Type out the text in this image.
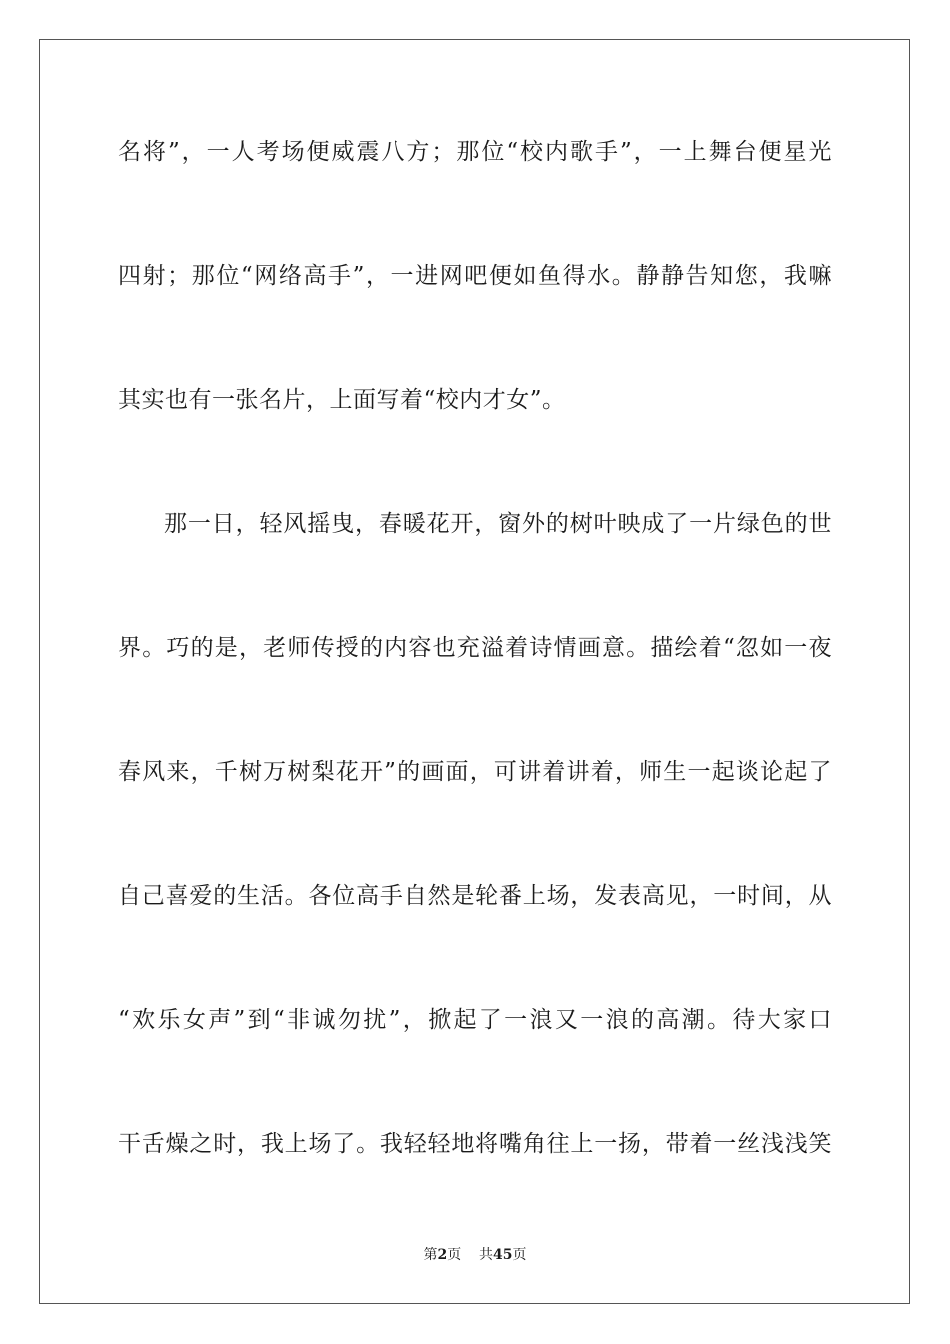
名将”，一人考场便威震八方；那位“校内歌手”，一上舞台便星光
四射；那位“网络高手”，一进网吧便如鱼得水。静静告知您，我嘛
其实也有一张名片，上面写着“校内才女”。
那一日，轻风摇曳，春暖花开，窗外的树叶映成了一片绿色的世
界。巧的是，老师传授的内容也充溢着诗情画意。描绘着“忽如一夜
春风来，千树万树梨花开”的画面，可讲着讲着，师生一起谈论起了
自己喜爱的生活。各位高手自然是轮番上场，发表高见，一时间，从
“欢乐女声”到“非诚勿扰”，掀起了一浪又一浪的高潮。待大家口
干舌燥之时，我上场了。我轻轻地将嘴角往上一扬，带着一丝浅浅笑
第2页 共45页
